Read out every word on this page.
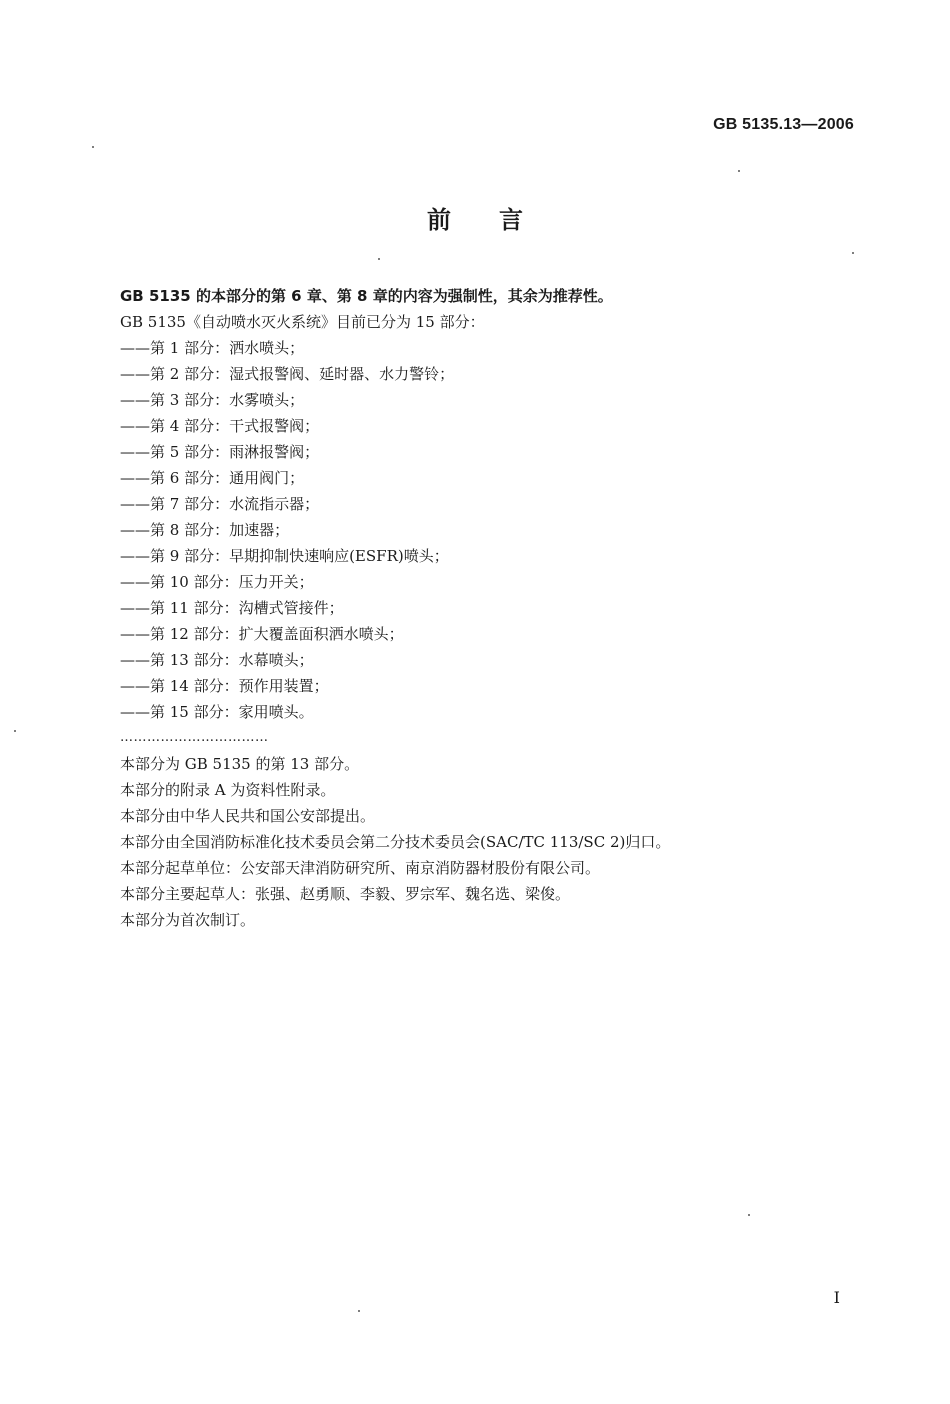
GB 5135.13—2006
前言

GB 5135 的本部分的第 6 章、第 8 章的内容为强制性，其余为推荐性。

GB 5135《自动喷水灭火系统》目前已分为 15 部分：

——第 1 部分：洒水喷头；

——第 2 部分：湿式报警阀、延时器、水力警铃；

——第 3 部分：水雾喷头；

——第 4 部分：干式报警阀；

——第 5 部分：雨淋报警阀；

——第 6 部分：通用阀门；

——第 7 部分：水流指示器；

——第 8 部分：加速器；

——第 9 部分：早期抑制快速响应(ESFR)喷头；

——第 10 部分：压力开关；

——第 11 部分：沟槽式管接件；

——第 12 部分：扩大覆盖面积洒水喷头；

——第 13 部分：水幕喷头；

——第 14 部分：预作用装置；

——第 15 部分：家用喷头。

……………………………

本部分为 GB 5135 的第 13 部分。

本部分的附录 A 为资料性附录。

本部分由中华人民共和国公安部提出。

本部分由全国消防标准化技术委员会第二分技术委员会(SAC/TC 113/SC 2)归口。

本部分起草单位：公安部天津消防研究所、南京消防器材股份有限公司。

本部分主要起草人：张强、赵勇顺、李毅、罗宗军、魏名选、梁俊。

本部分为首次制订。

I
